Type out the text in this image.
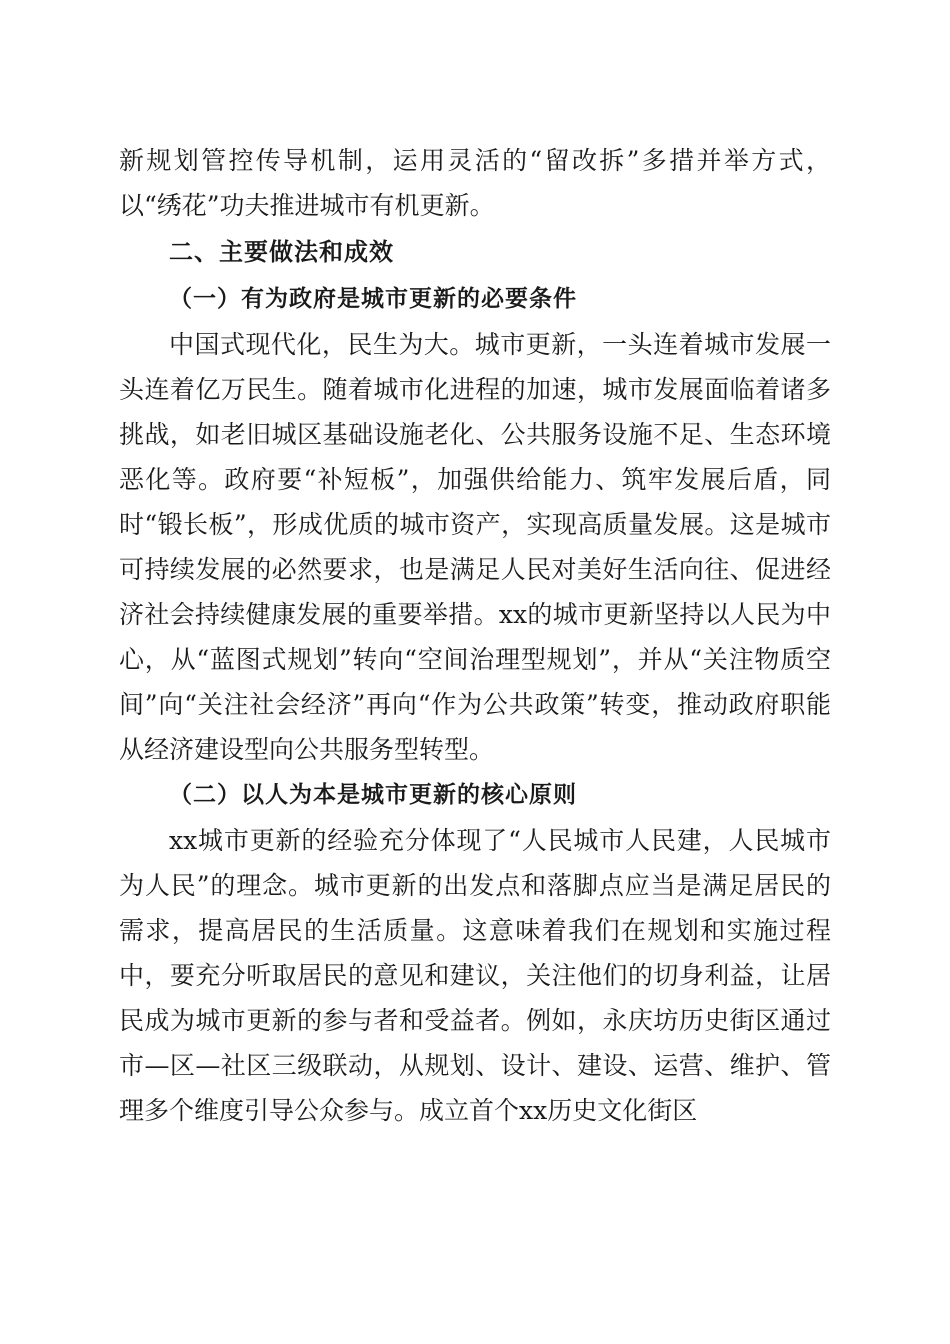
新规划管控传导机制，运用灵活的“留改拆”多措并举方式，以“绣花”功夫推进城市有机更新。

二、主要做法和成效
（一）有为政府是城市更新的必要条件

中国式现代化，民生为大。城市更新，一头连着城市发展一头连着亿万民生。随着城市化进程的加速，城市发展面临着诸多挑战，如老旧城区基础设施老化、公共服务设施不足、生态环境恶化等。政府要“补短板”，加强供给能力、筑牢发展后盾，同时“锻长板”，形成优质的城市资产，实现高质量发展。这是城市可持续发展的必然要求，也是满足人民对美好生活向往、促进经济社会持续健康发展的重要举措。xx的城市更新坚持以人民为中心，从“蓝图式规划”转向“空间治理型规划”，并从“关注物质空间”向“关注社会经济”再向“作为公共政策”转变，推动政府职能从经济建设型向公共服务型转型。

（二）以人为本是城市更新的核心原则

xx城市更新的经验充分体现了“人民城市人民建，人民城市为人民”的理念。城市更新的出发点和落脚点应当是满足居民的需求，提高居民的生活质量。这意味着我们在规划和实施过程中，要充分听取居民的意见和建议，关注他们的切身利益，让居民成为城市更新的参与者和受益者。例如，永庆坊历史街区通过市—区—社区三级联动，从规划、设计、建设、运营、维护、管理多个维度引导公众参与。成立首个xx历史文化街区
